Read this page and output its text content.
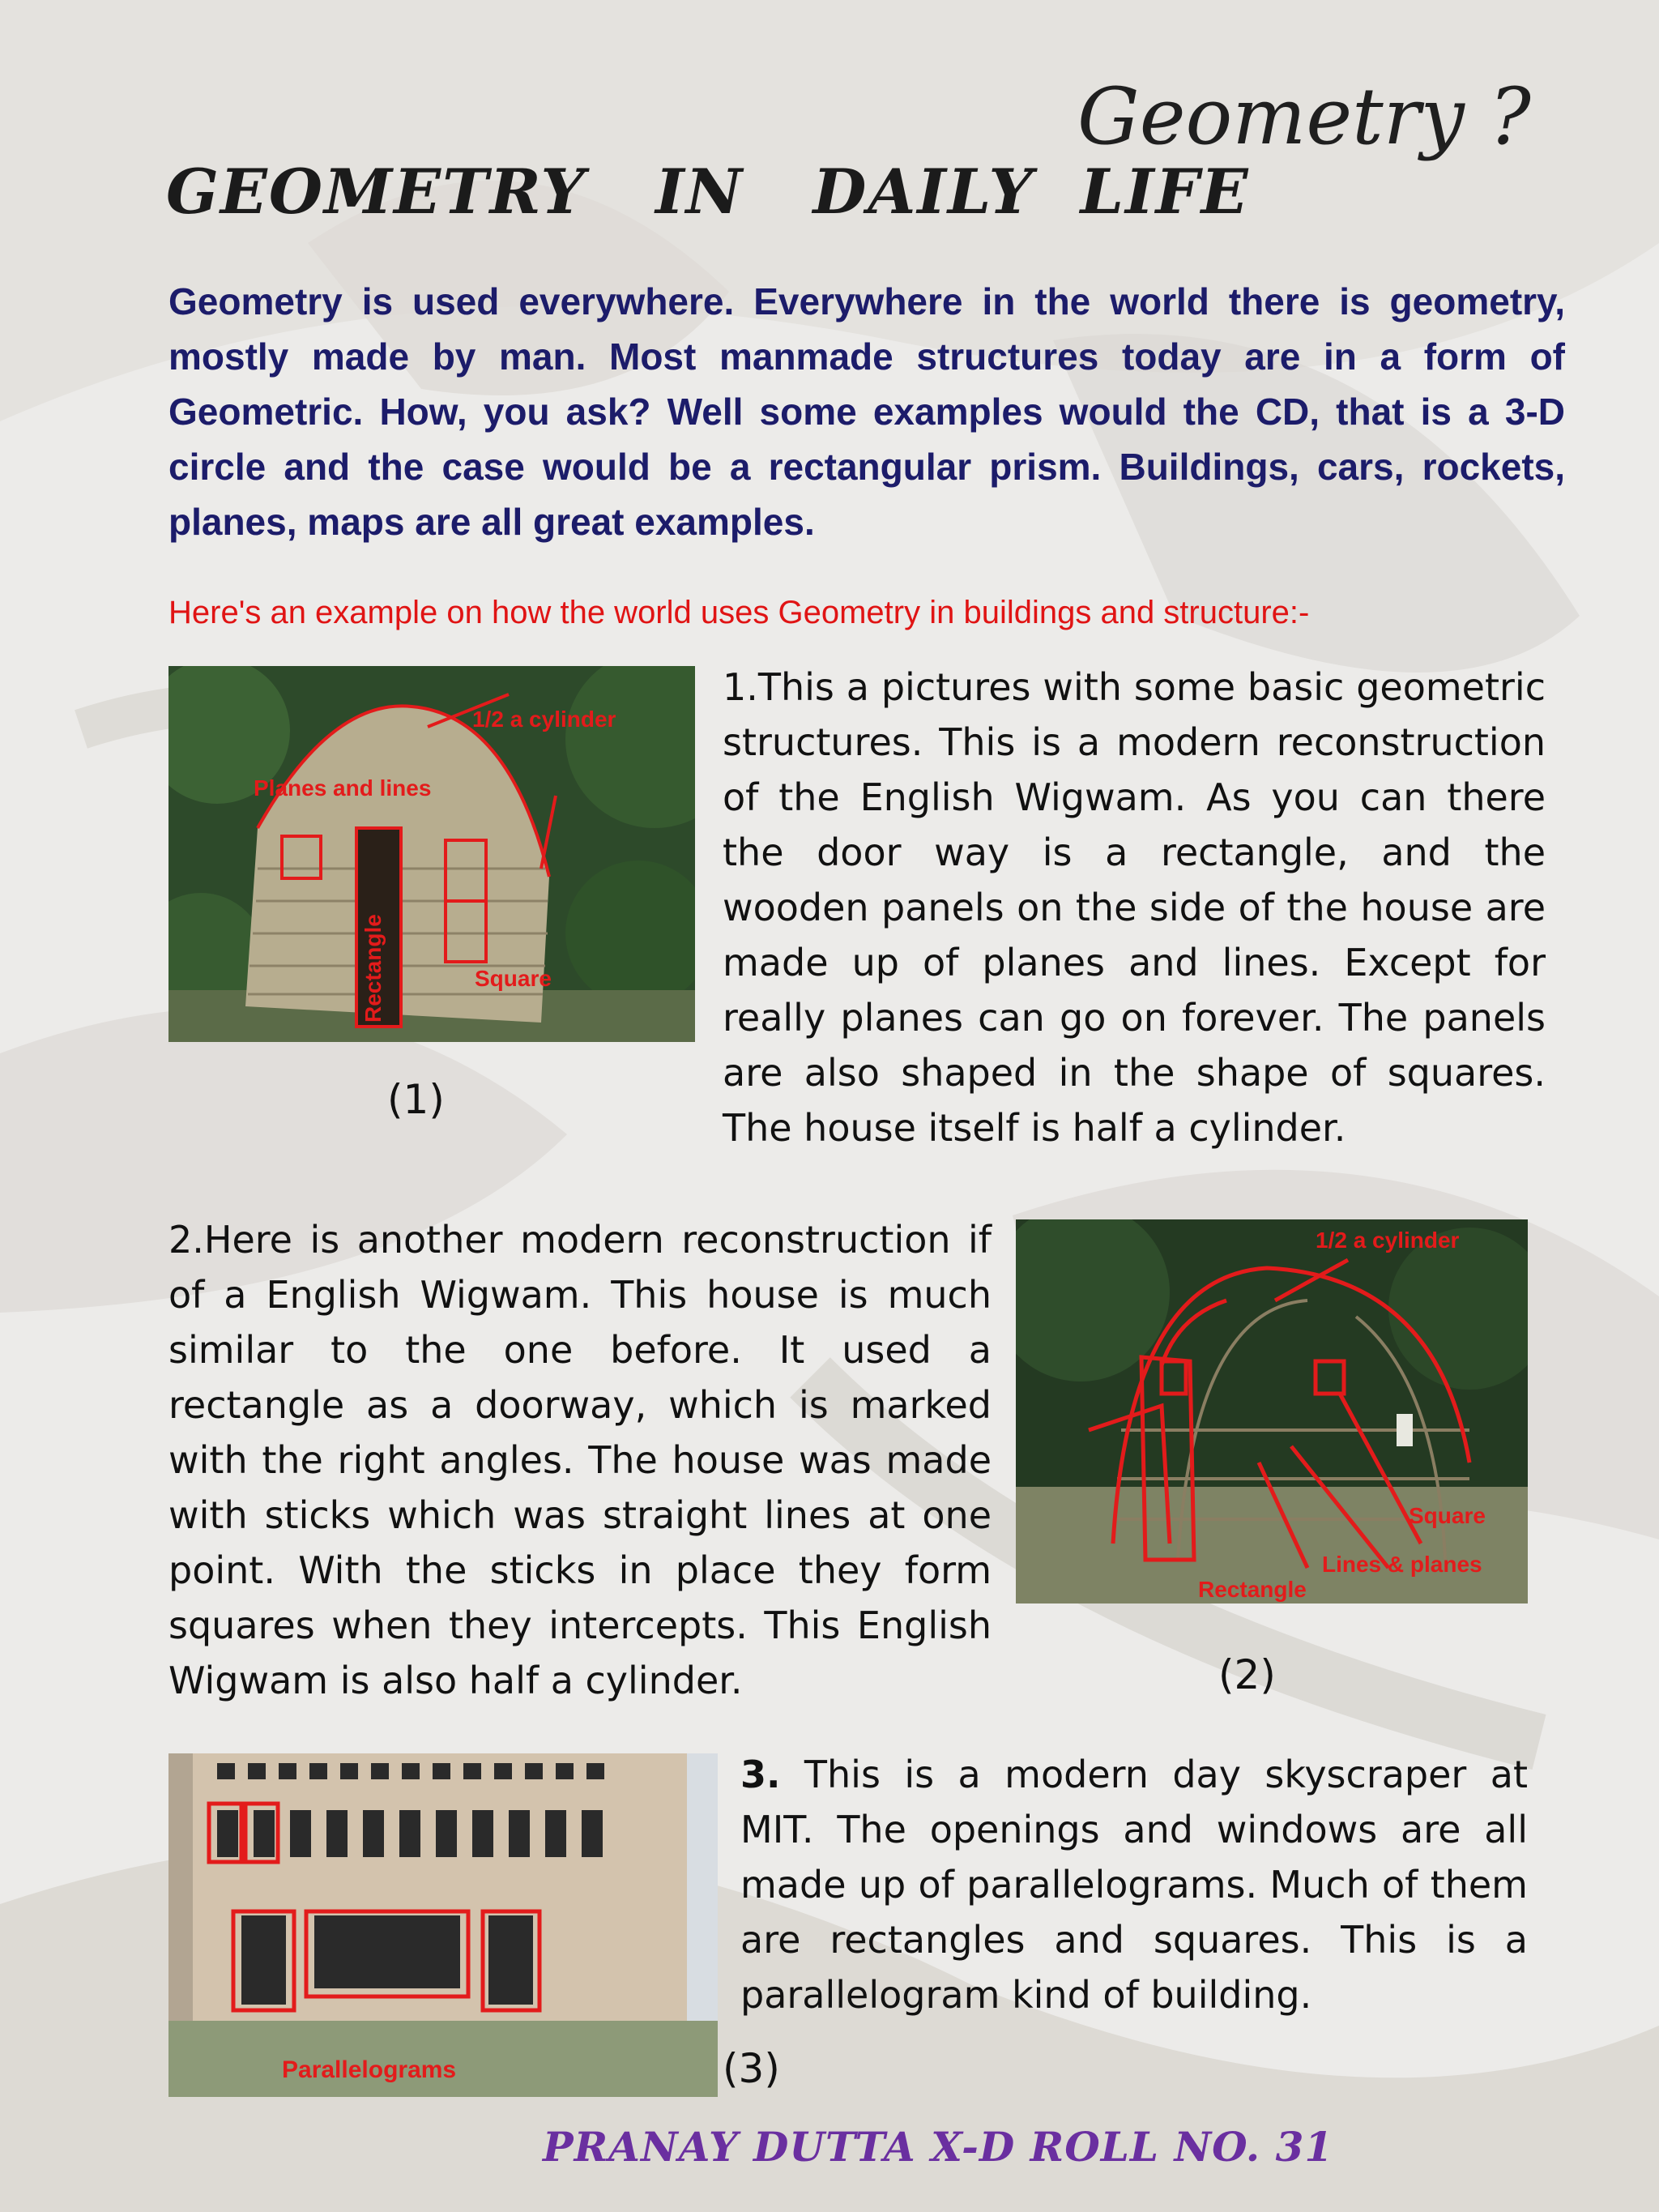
Geometry ?
GEOMETRY   IN   DAILY  LIFE
Geometry is used everywhere. Everywhere in the world there is geometry, mostly made by man. Most manmade structures today are in a form of Geometric. How, you ask? Well some examples would the CD, that is a 3-D circle and the case would be a rectangular prism. Buildings, cars, rockets, planes, maps are all great examples.
Here's an example on how the world uses Geometry in buildings and structure:-
1/2 a cylinder
Planes and lines
Rectangle	Square
(1)
1.This a pictures with some basic geometric structures. This is a modern reconstruction of the English Wigwam. As you can there the door way is a rectangle, and the wooden panels on the side of the house are made up of planes and lines. Except for really planes can go on forever. The panels are also shaped in the shape of squares. The house itself is half a cylinder.
2.Here is another modern reconstruction if of a English Wigwam. This house is much similar to the one before. It used a rectangle as a doorway, which is marked with the right angles. The house was made with sticks which was straight lines at one point. With the sticks in place they form squares when they intercepts. This English Wigwam is also half a cylinder.
1/2 a cylinder
Square
Lines & planes
Rectangle
(2)
Parallelograms	(3)
3. This is a modern day skyscraper at MIT. The openings and windows are all made up of parallelograms. Much of them are rectangles and squares. This is a parallelogram kind of building.
PRANAY DUTTA X-D ROLL NO. 31
